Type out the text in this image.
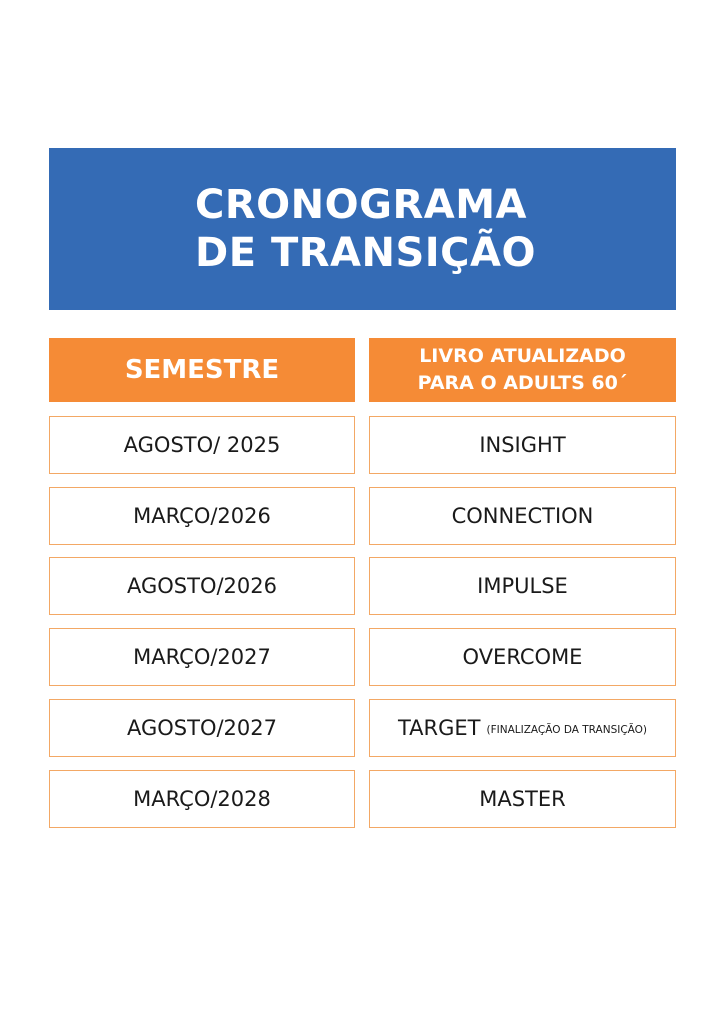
CRONOGRAMA
DE TRANSIÇÃO
SEMESTRE	LIVRO ATUALIZADO
PARA O ADULTS 60´
AGOSTO/ 2025	INSIGHT
MARÇO/2026	CONNECTION
AGOSTO/2026	IMPULSE
MARÇO/2027	OVERCOME
AGOSTO/2027	TARGET (FINALIZAÇÃO DA TRANSIÇÃO)
MARÇO/2028	MASTER
